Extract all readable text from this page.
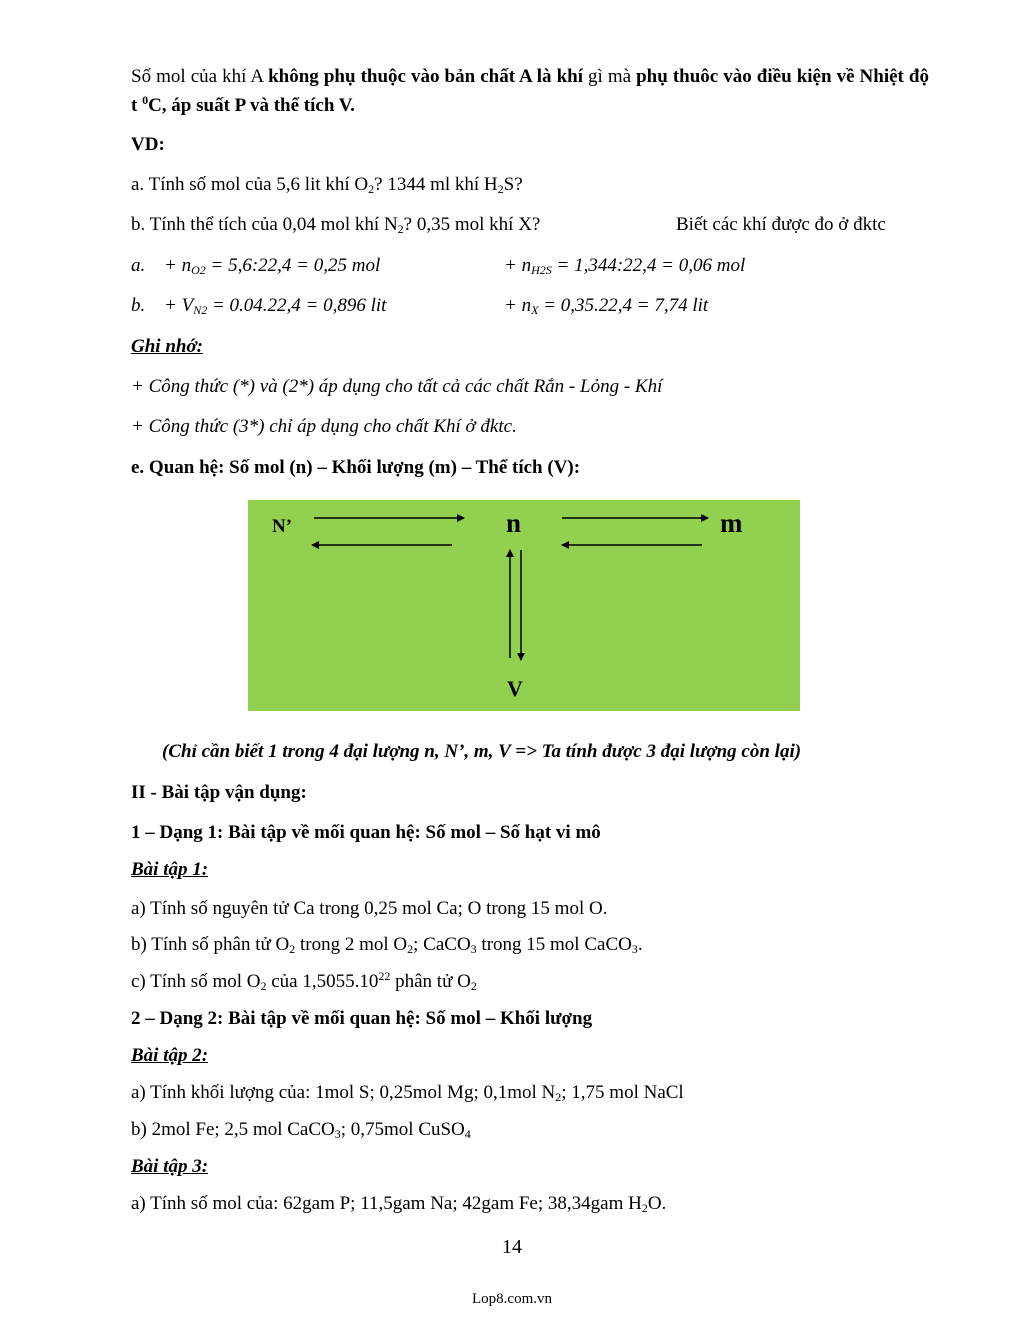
Số mol của khí A không phụ thuộc vào bản chất A là khí gì mà phụ thuôc vào điều kiện về Nhiệt độ t $^0$C, áp suất P và thể tích V.
VD:
a. Tính số mol của 5,6 lit khí $O_2$? 1344 ml khí $H_2S$?
b. Tính thể tích của 0,04 mol khí $N_2$? 0,35 mol khí X?	Biết các khí được đo ở đktc
a. + $n_{O2}$ = 5,6:22,4 = 0,25 mol	+ $n_{H2S}$ = 1,344:22,4 = 0,06 mol
b. + $V_{N2} = 0.04.22,4 = 0,896$ lit	+ $n_X = 0,35.22,4 = 7,74$ lit
Ghi nhớ:
+ Công thức (*) và (2*) áp dụng cho tất cả các chất Rắn - Lỏng - Khí
+ Công thức (3*) chỉ áp dụng cho chất Khí ở đktc.
e. Quan hệ: Số mol (n) – Khối lượng (m) – Thể tích (V):
N’	n	m
V
(Chỉ cần biết 1 trong 4 đại lượng n, N’, m, V => Ta tính được 3 đại lượng còn lại)
II - Bài tập vận dụng:
1 – Dạng 1: Bài tập về mối quan hệ: Số mol – Số hạt vi mô
Bài tập 1:
a) Tính số nguyên tử Ca trong 0,25 mol Ca; O trong 15 mol O.
b) Tính số phân tử $O_2$ trong 2 mol $O_2$; CaCO$_3$ trong 15 mol CaCO$_3$.
c) Tính số mol $O_2$ của 1,5055.10$^{22}$ phân tử $O_2$
2 – Dạng 2: Bài tập về mối quan hệ: Số mol – Khối lượng
Bài tập 2:
a) Tính khối lượng của: 1mol S; 0,25mol Mg; 0,1mol $N_2$; 1,75 mol NaCl
b) 2mol Fe; 2,5 mol CaCO$_3$; 0,75mol CuSO$_4$
Bài tập 3:
a) Tính số mol của: 62gam P; 11,5gam Na; 42gam Fe; 38,34gam $H_2O$.
14
Lop8.com.vn
